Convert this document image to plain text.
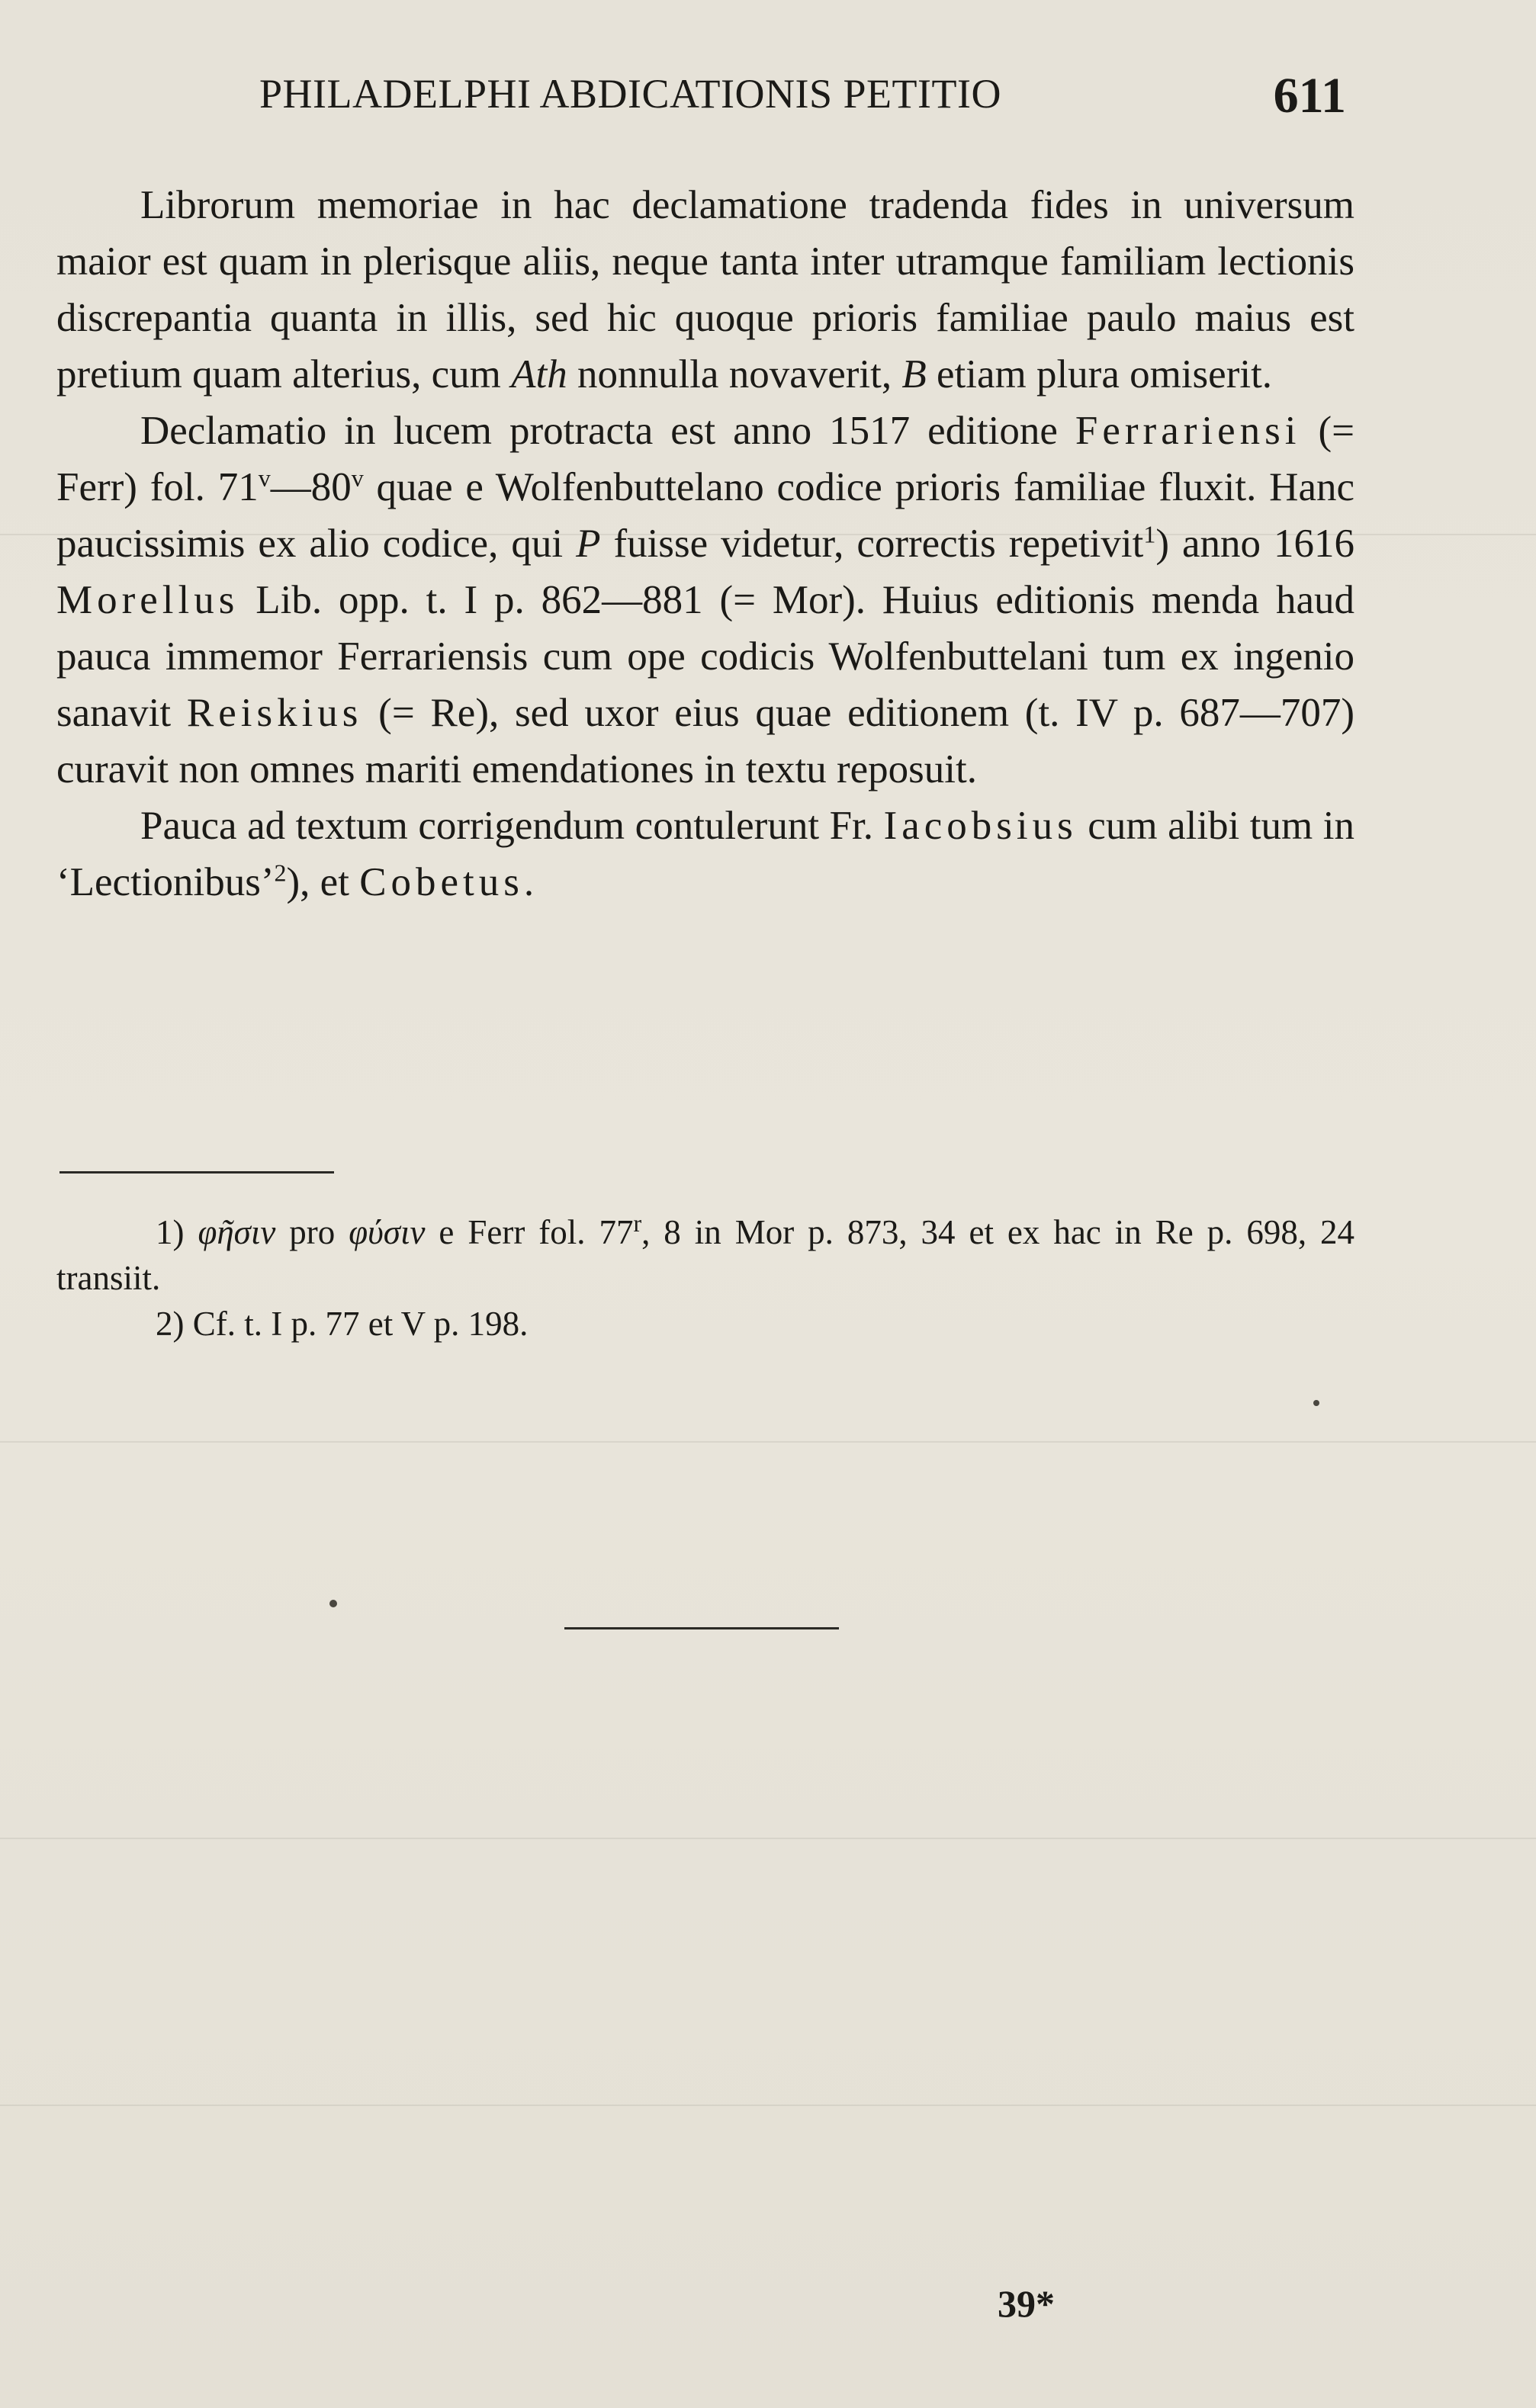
PHILADELPHI ABDICATIONIS PETITIO	611

Librorum memoriae in hac declamatione tradenda fides in universum maior est quam in plerisque aliis, neque tanta inter utramque familiam lectionis discrepantia quanta in illis, sed hic quoque prioris familiae paulo maius est pretium quam alterius, cum Ath nonnulla novaverit, B etiam plura omiserit.

Declamatio in lucem protracta est anno 1517 editione Ferrariensi (= Ferr) fol. 71$^v$—80$^v$ quae e Wolfenbuttelano codice prioris familiae fluxit. Hanc paucissimis ex alio codice, qui P fuisse videtur, correctis repetivit$^1$) anno 1616 Morellus Lib. opp. t. I p. 862—881 (= Mor). Huius editionis menda haud pauca immemor Ferrariensis cum ope codicis Wolfenbuttelani tum ex ingenio sanavit Reiskius (= Re), sed uxor eius quae editionem (t. IV p. 687—707) curavit non omnes mariti emendationes in textu reposuit.

Pauca ad textum corrigendum contulerunt Fr. Iacobsius cum alibi tum in ‘Lectionibus’$^2$), et Cobetus.

1) φῆσιν pro φύσιν e Ferr fol. 77$^r$, 8 in Mor p. 873, 34 et ex hac in Re p. 698, 24 transiit.

2) Cf. t. I p. 77 et V p. 198.

39*
